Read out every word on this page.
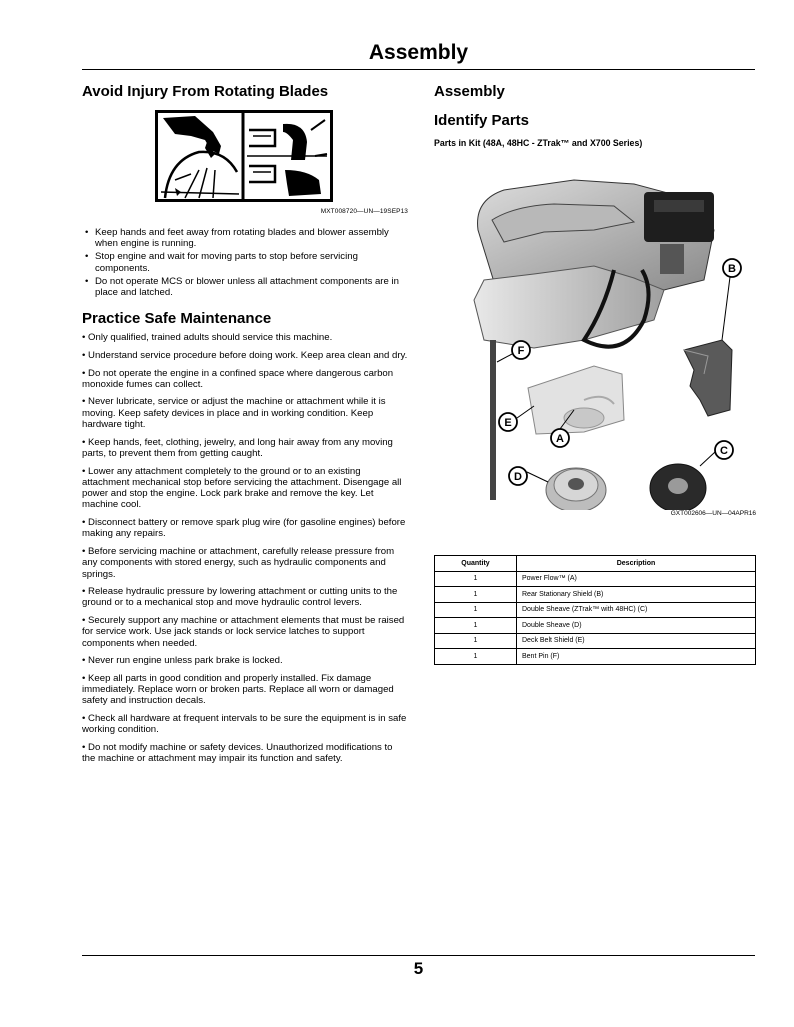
Assembly
Avoid Injury From Rotating Blades
MXT008720—UN—19SEP13
• Keep hands and feet away from rotating blades and blower assembly when engine is running.
• Stop engine and wait for moving parts to stop before servicing components.
• Do not operate MCS or blower unless all attachment components are in place and latched.
Practice Safe Maintenance

• Only qualified, trained adults should service this machine.

• Understand service procedure before doing work. Keep area clean and dry.

• Do not operate the engine in a confined space where dangerous carbon monoxide fumes can collect.

• Never lubricate, service or adjust the machine or attachment while it is moving. Keep safety devices in place and in working condition. Keep hardware tight.

• Keep hands, feet, clothing, jewelry, and long hair away from any moving parts, to prevent them from getting caught.

• Lower any attachment completely to the ground or to an existing attachment mechanical stop before servicing the attachment. Disengage all power and stop the engine. Lock park brake and remove the key. Let machine cool.

• Disconnect battery or remove spark plug wire (for gasoline engines) before making any repairs.

• Before servicing machine or attachment, carefully release pressure from any components with stored energy, such as hydraulic components and springs.

• Release hydraulic pressure by lowering attachment or cutting units to the ground or to a mechanical stop and move hydraulic control levers.

• Securely support any machine or attachment elements that must be raised for service work. Use jack stands or lock service latches to support components when needed.

• Never run engine unless park brake is locked.

• Keep all parts in good condition and properly installed. Fix damage immediately. Replace worn or broken parts. Replace all worn or damaged safety and instruction decals.

• Check all hardware at frequent intervals to be sure the equipment is in safe working condition.

• Do not modify machine or safety devices. Unauthorized modifications to the machine or attachment may impair its function and safety.

Assembly
Identify Parts
Parts in Kit (48A, 48HC - ZTrak™ and X700 Series)
A
B
C
D
E
F
GXT002606—UN—04APR16
Quantity	Description
1	Power Flow™ (A)
1	Rear Stationary Shield (B)
1	Double Sheave (ZTrak™ with 48HC) (C)
1	Double Sheave (D)
1	Deck Belt Shield (E)
1	Bent Pin (F)
5
